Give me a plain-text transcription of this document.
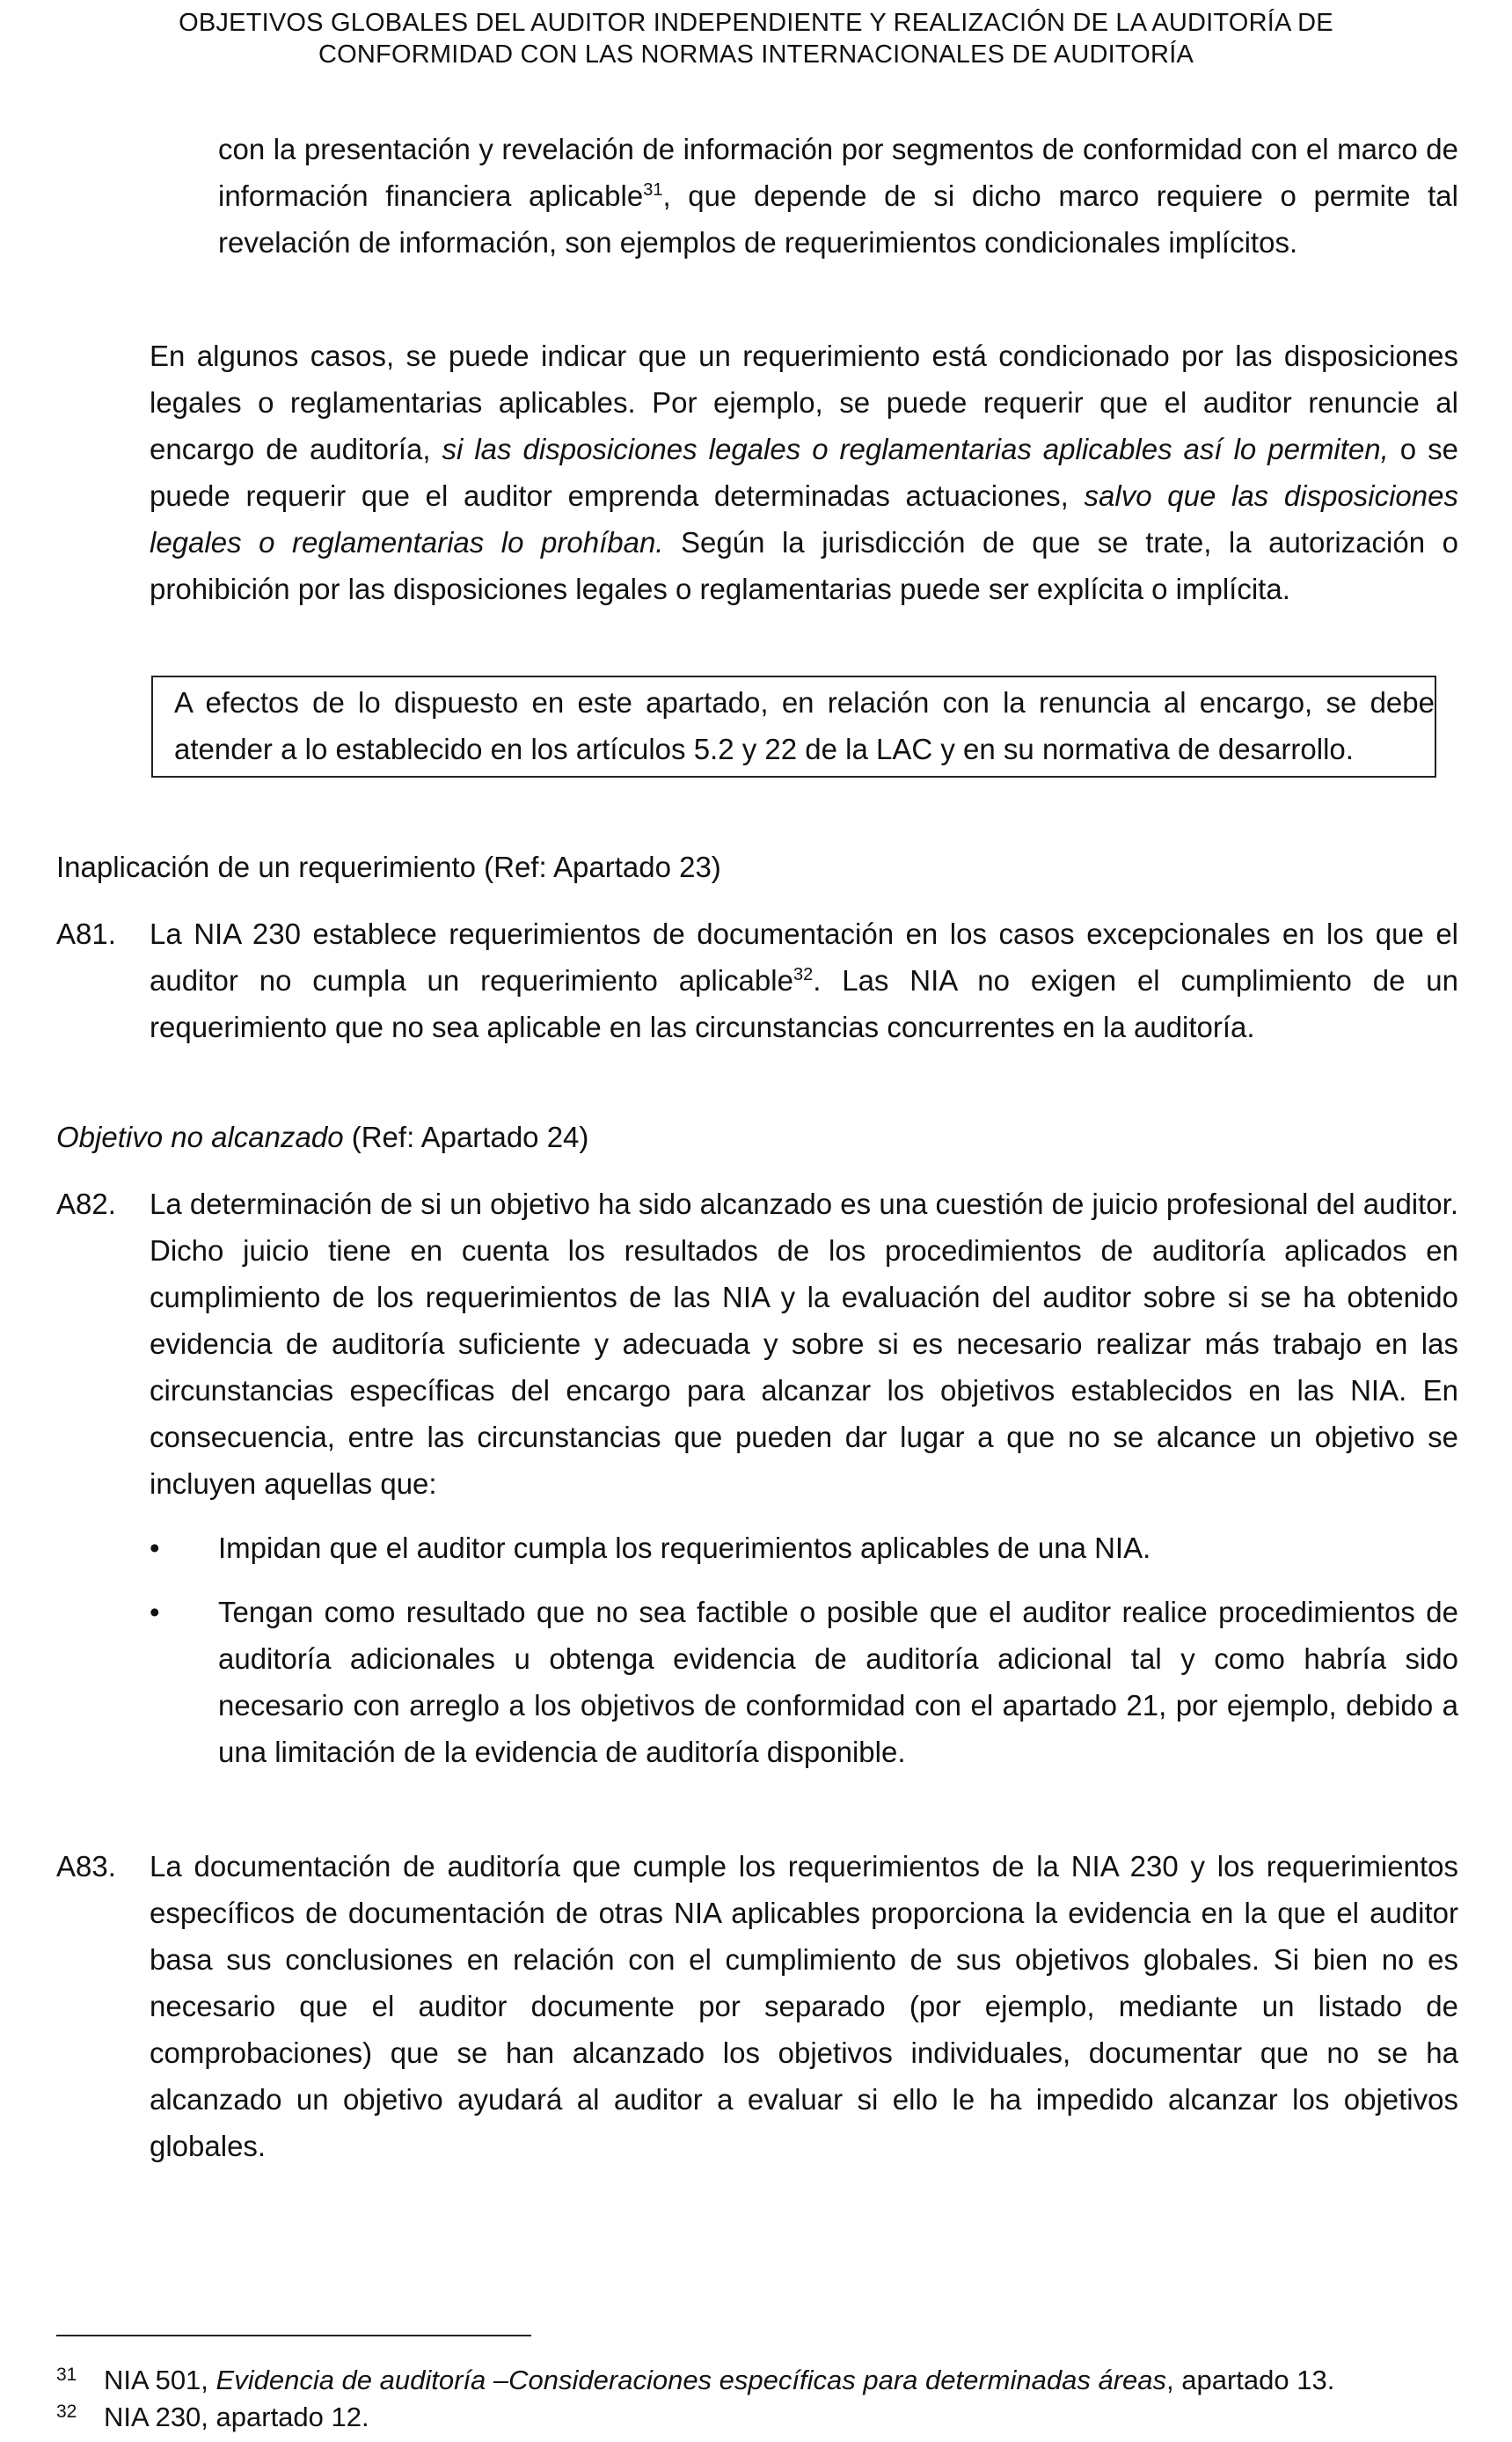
OBJETIVOS GLOBALES DEL AUDITOR INDEPENDIENTE Y REALIZACIÓN DE LA AUDITORÍA DE
CONFORMIDAD CON LAS NORMAS INTERNACIONALES DE AUDITORÍA
con la presentación y revelación de información por segmentos de conformidad con el marco de información financiera aplicable$^{31}$, que depende de si dicho marco requiere o permite tal revelación de información, son ejemplos de requerimientos condicionales implícitos.
En algunos casos, se puede indicar que un requerimiento está condicionado por las disposiciones legales o reglamentarias aplicables. Por ejemplo, se puede requerir que el auditor renuncie al encargo de auditoría, si las disposiciones legales o reglamentarias aplicables así lo permiten, o se puede requerir que el auditor emprenda determinadas actuaciones, salvo que las disposiciones legales o reglamentarias lo prohíban. Según la jurisdicción de que se trate, la autorización o prohibición por las disposiciones legales o reglamentarias puede ser explícita o implícita.
A efectos de lo dispuesto en este apartado, en relación con la renuncia al encargo, se debe atender a lo establecido en los artículos 5.2 y 22 de la LAC y en su normativa de desarrollo.
Inaplicación de un requerimiento (Ref: Apartado 23)
A81. La NIA 230 establece requerimientos de documentación en los casos excepcionales en los que el auditor no cumpla un requerimiento aplicable$^{32}$. Las NIA no exigen el cumplimiento de un requerimiento que no sea aplicable en las circunstancias concurrentes en la auditoría.
Objetivo no alcanzado (Ref: Apartado 24)
A82. La determinación de si un objetivo ha sido alcanzado es una cuestión de juicio profesional del auditor. Dicho juicio tiene en cuenta los resultados de los procedimientos de auditoría aplicados en cumplimiento de los requerimientos de las NIA y la evaluación del auditor sobre si se ha obtenido evidencia de auditoría suficiente y adecuada y sobre si es necesario realizar más trabajo en las circunstancias específicas del encargo para alcanzar los objetivos establecidos en las NIA. En consecuencia, entre las circunstancias que pueden dar lugar a que no se alcance un objetivo se incluyen aquellas que:
• Impidan que el auditor cumpla los requerimientos aplicables de una NIA.
• Tengan como resultado que no sea factible o posible que el auditor realice procedimientos de auditoría adicionales u obtenga evidencia de auditoría adicional tal y como habría sido necesario con arreglo a los objetivos de conformidad con el apartado 21, por ejemplo, debido a una limitación de la evidencia de auditoría disponible.
A83. La documentación de auditoría que cumple los requerimientos de la NIA 230 y los requerimientos específicos de documentación de otras NIA aplicables proporciona la evidencia en la que el auditor basa sus conclusiones en relación con el cumplimiento de sus objetivos globales. Si bien no es necesario que el auditor documente por separado (por ejemplo, mediante un listado de comprobaciones) que se han alcanzado los objetivos individuales, documentar que no se ha alcanzado un objetivo ayudará al auditor a evaluar si ello le ha impedido alcanzar los objetivos globales.
31 NIA 501, Evidencia de auditoría –Consideraciones específicas para determinadas áreas, apartado 13.
32 NIA 230, apartado 12.
